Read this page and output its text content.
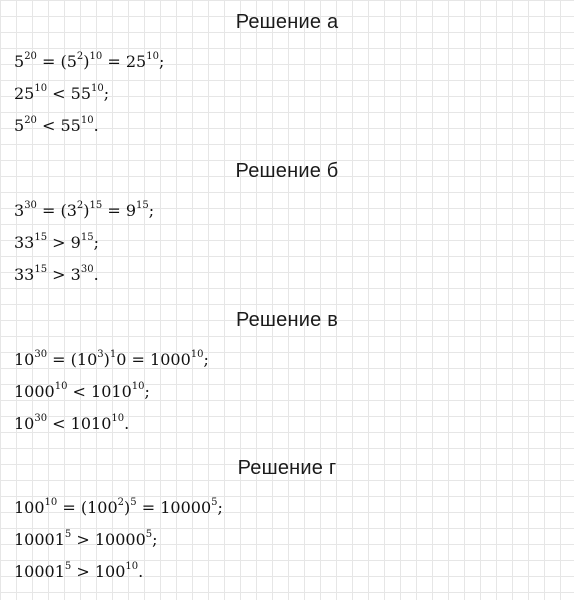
Решение а
$5^{20} = (5^2)^{10} = 25^{10}$;
$25^{10} < 55^{10}$;
$5^{20} < 55^{10}$.
Решение б
$3^{30} = (3^2)^{15} = 9^{15}$;
$33^{15} > 9^{15}$;
$33^{15} > 3^{30}$.
Решение в
$10^{30} = (10^3)^10 = 1000^{10}$;
$1000^{10} < 1010^{10}$;
$10^{30} < 1010^{10}$.
Решение г
$100^{10} = (100^2)^5 = 10000^5$;
$10001^5 > 10000^5$;
$10001^5 > 100^{10}$.
